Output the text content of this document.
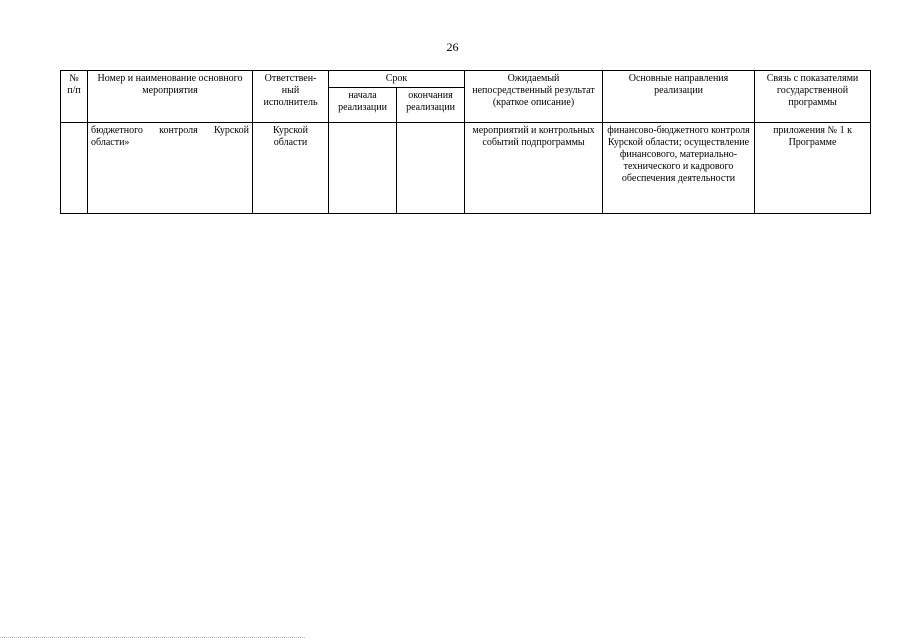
26
№ п/п	Номер и наименование основного мероприятия	Ответствен-ный исполнитель	Срок		Ожидаемый непосредственный результат (краткое описание)	Основные направления реализации	Связь с показателями государственной программы
			начала реализации	окончания реализации			
	бюджетного контроля Курской области»	Курской области			мероприятий и контрольных событий подпрограммы	финансово-бюджетного контроля Курской области; осуществление финансового, материально-технического и кадрового обеспечения деятельности	приложения № 1 к Программе
